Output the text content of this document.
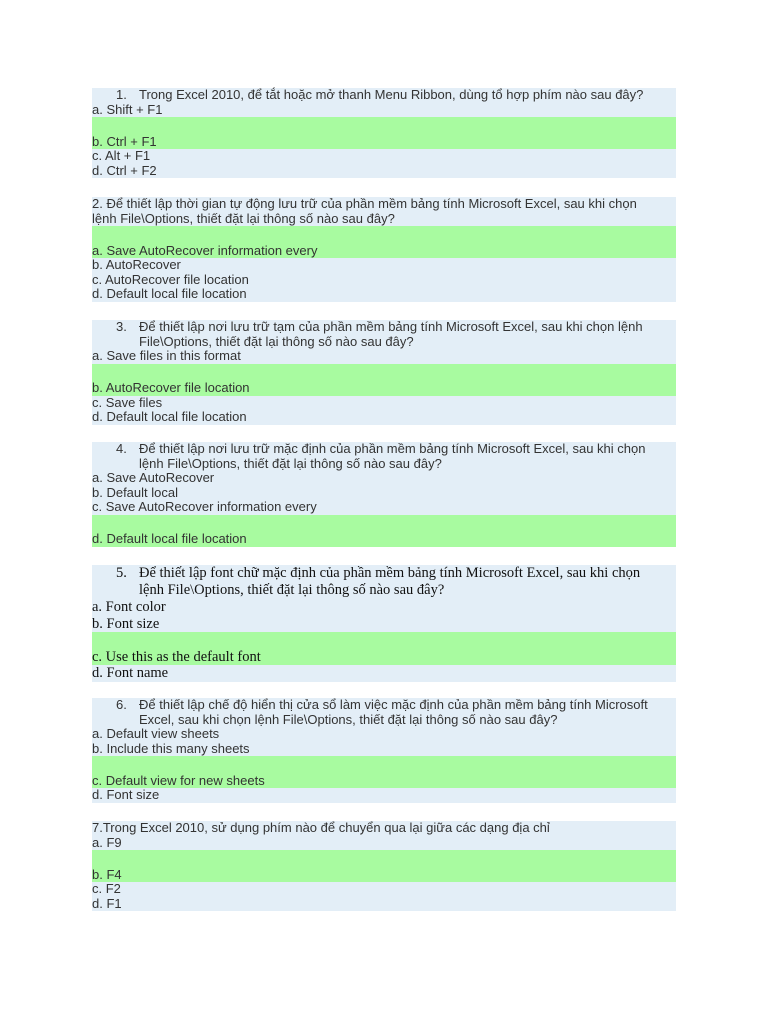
1. Trong Excel 2010, để tắt hoặc mở thanh Menu Ribbon, dùng tổ hợp phím nào sau đây?
a. Shift + F1
b. Ctrl + F1
c. Alt + F1
d. Ctrl + F2
2. Để thiết lập thời gian tự động lưu trữ của phần mềm bảng tính Microsoft Excel, sau khi chọn
lệnh File\Options, thiết đặt lại thông số nào sau đây?
a. Save AutoRecover information every
b. AutoRecover
c. AutoRecover file location
d. Default local file location
3. Để thiết lập nơi lưu trữ tạm của phần mềm bảng tính Microsoft Excel, sau khi chọn lệnh
File\Options, thiết đặt lại thông số nào sau đây?
a. Save files in this format
b. AutoRecover file location
c. Save files
d. Default local file location
4. Để thiết lập nơi lưu trữ mặc định của phần mềm bảng tính Microsoft Excel, sau khi chọn
lệnh File\Options, thiết đặt lại thông số nào sau đây?
a. Save AutoRecover
b. Default local
c. Save AutoRecover information every
d. Default local file location
5. Để thiết lập font chữ mặc định của phần mềm bảng tính Microsoft Excel, sau khi chọn
lệnh File\Options, thiết đặt lại thông số nào sau đây?
a. Font color
b. Font size
c. Use this as the default font
d. Font name
6. Để thiết lập chế độ hiển thị cửa sổ làm việc mặc định của phần mềm bảng tính Microsoft
Excel, sau khi chọn lệnh File\Options, thiết đặt lại thông số nào sau đây?
a. Default view sheets
b. Include this many sheets
c. Default view for new sheets
d. Font size
7.Trong Excel 2010, sử dụng phím nào để chuyển qua lại giữa các dạng địa chỉ
a. F9
b. F4
c. F2
d. F1
